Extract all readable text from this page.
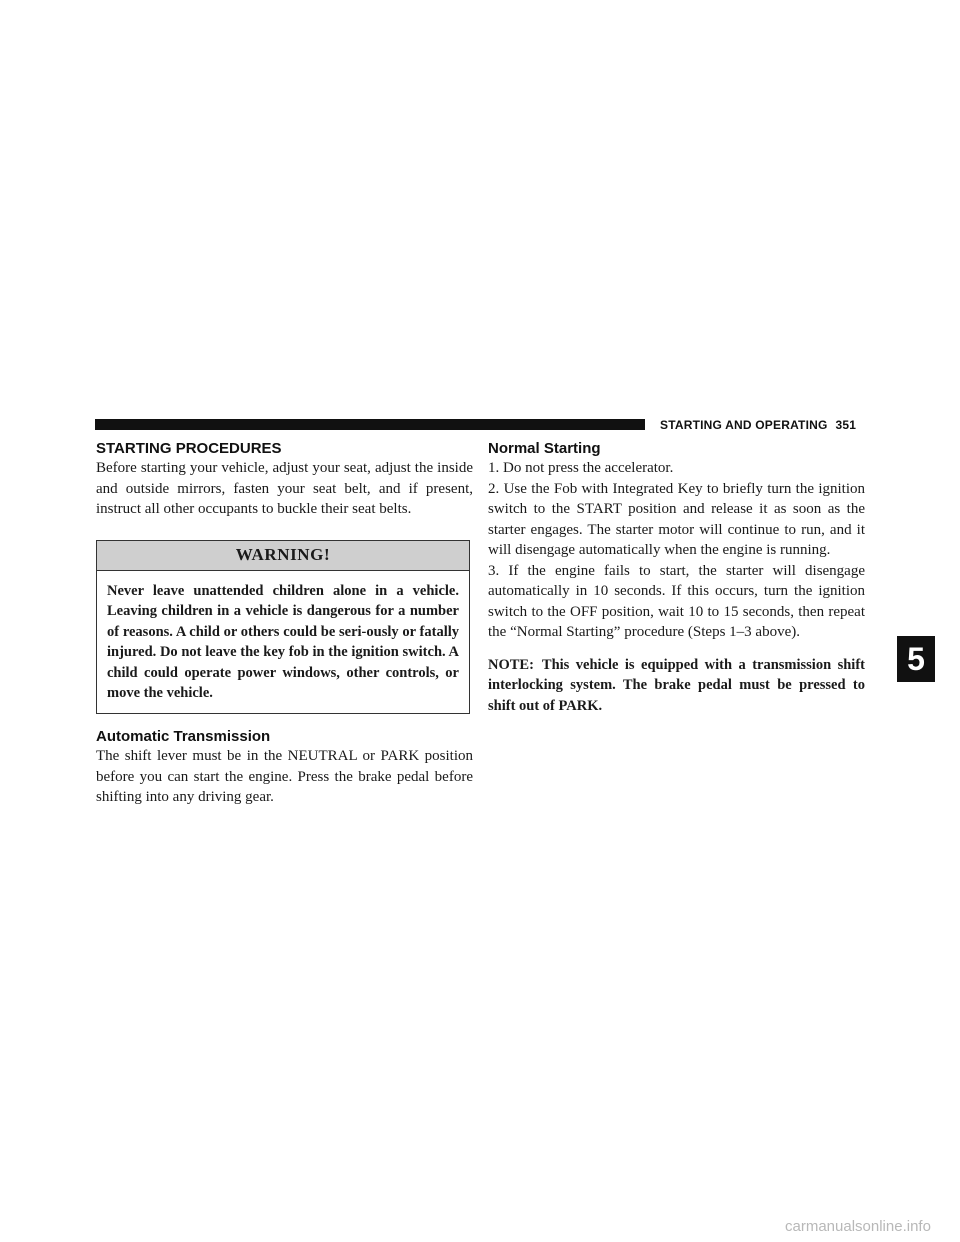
STARTING AND OPERATING 351
STARTING PROCEDURES

Before starting your vehicle, adjust your seat, adjust the inside and outside mirrors, fasten your seat belt, and if present, instruct all other occupants to buckle their seat belts.

WARNING!
Never leave unattended children alone in a vehicle. Leaving children in a vehicle is dangerous for a number of reasons. A child or others could be seri-ously or fatally injured. Do not leave the key fob in the ignition switch. A child could operate power windows, other controls, or move the vehicle.
Automatic Transmission

The shift lever must be in the NEUTRAL or PARK position before you can start the engine. Press the brake pedal before shifting into any driving gear.

Normal Starting

1. Do not press the accelerator.

2. Use the Fob with Integrated Key to briefly turn the ignition switch to the START position and release it as soon as the starter engages. The starter motor will continue to run, and it will disengage automatically when the engine is running.

3. If the engine fails to start, the starter will disengage automatically in 10 seconds. If this occurs, turn the ignition switch to the OFF position, wait 10 to 15 seconds, then repeat the “Normal Starting” procedure (Steps 1–3 above).

NOTE: This vehicle is equipped with a transmission shift interlocking system. The brake pedal must be pressed to shift out of PARK.

5
carmanualsonline.info
